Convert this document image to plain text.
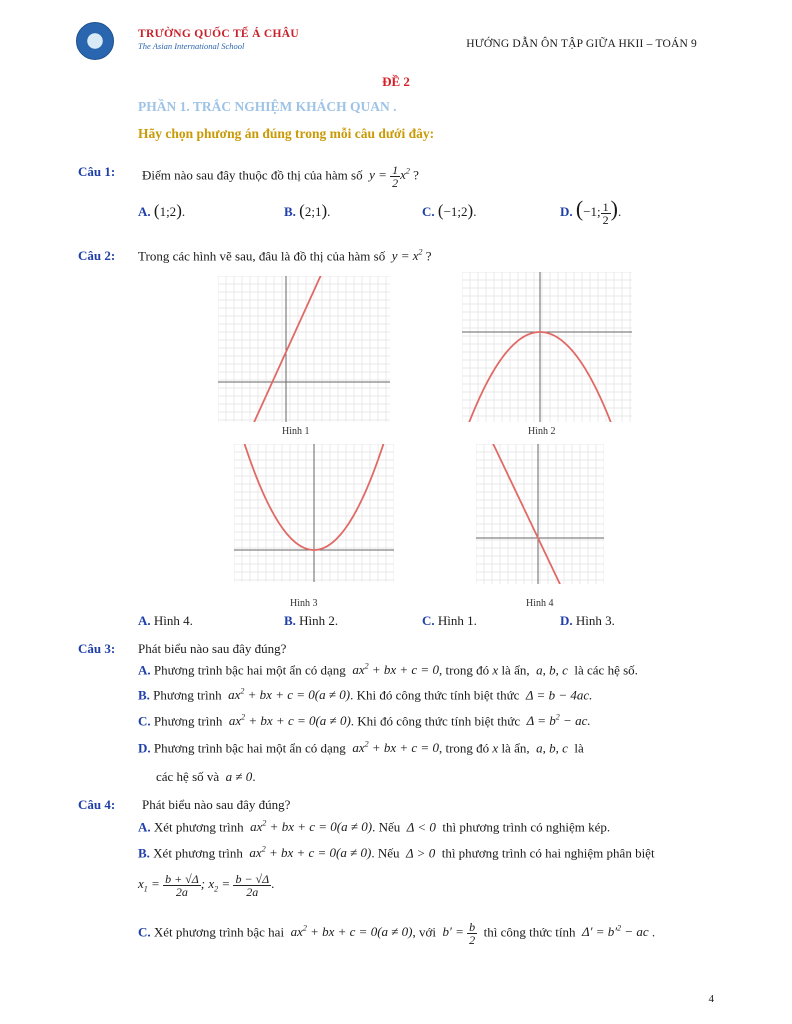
TRƯỜNG QUỐC TẾ Á CHÂU
The Asian International School	HƯỚNG DẪN ÔN TẬP GIỮA HKII – TOÁN 9
ĐỀ 2
PHẦN 1. TRẮC NGHIỆM KHÁCH QUAN .
Hãy chọn phương án đúng trong mỗi câu dưới đây:
Câu 1: Điểm nào sau đây thuộc đồ thị của hàm số  $y = \frac{1}{2} x^2$ ?
A. (1;2).	B. (2;1).	C. (−1;2).	D. (−1; $\frac{1}{2}$ ).
Câu 2: Trong các hình vẽ sau, đâu là đồ thị của hàm số  $y = x^2$ ?
Hình 1	Hình 2
Hình 3	Hình 4
A. Hình 4.	B. Hình 2.	C. Hình 1.	D. Hình 3.
Câu 3: Phát biểu nào sau đây đúng?
A. Phương trình bậc hai một ẩn có dạng  $ax^2$ + bx + c = 0, trong đó x là ẩn,  a, b, c  là các hệ số.
B. Phương trình  $ax^2$ + bx + c = 0(a ≠ 0). Khi đó công thức tính biệt thức  Δ = b − 4ac.
C. Phương trình  $ax^2$ + bx + c = 0(a ≠ 0). Khi đó công thức tính biệt thức  $\Delta = b^2$ − ac.
D. Phương trình bậc hai một ẩn có dạng  $ax^2$ + bx + c = 0, trong đó x là ẩn,  a, b, c  là
các hệ số và  a ≠ 0.
Câu 4: Phát biểu nào sau đây đúng?
A. Xét phương trình  $ax^2$ + bx + c = 0(a ≠ 0). Nếu  Δ < 0  thì phương trình có nghiệm kép.
B. Xét phương trình  $ax^2$ + bx + c = 0(a ≠ 0). Nếu  Δ > 0  thì phương trình có hai nghiệm phân biệt
$x_1 = \frac{b + √\Delta}{2a}$ ; $x_2 = \frac{b - √\Delta}{2a}$ .
C. Xét phương trình bậc hai  $ax^2$ + bx + c = 0(a ≠ 0), với  $b' = \frac{b}{2}$ thì công thức tính  $\Delta' = b'^2$ − ac .
4
